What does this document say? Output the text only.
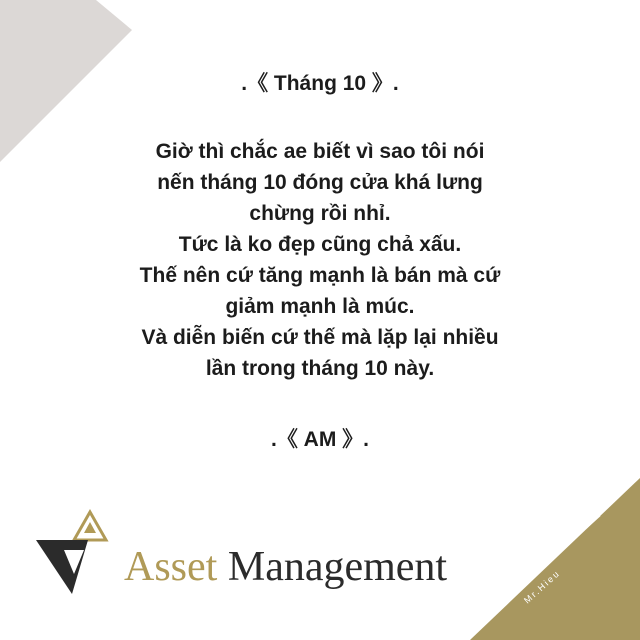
.《 Tháng 10 》.

Giờ thì chắc ae biết vì sao tôi nói

nến tháng 10 đóng cửa khá lưng

chừng rồi nhỉ.

Tức là ko đẹp cũng chả xấu.

Thế nên cứ tăng mạnh là bán mà cứ

giảm mạnh là múc.

Và diễn biến cứ thế mà lặp lại nhiều

lần trong tháng 10 này.

.《 AM 》.

Asset Management	Mr.Hieu
